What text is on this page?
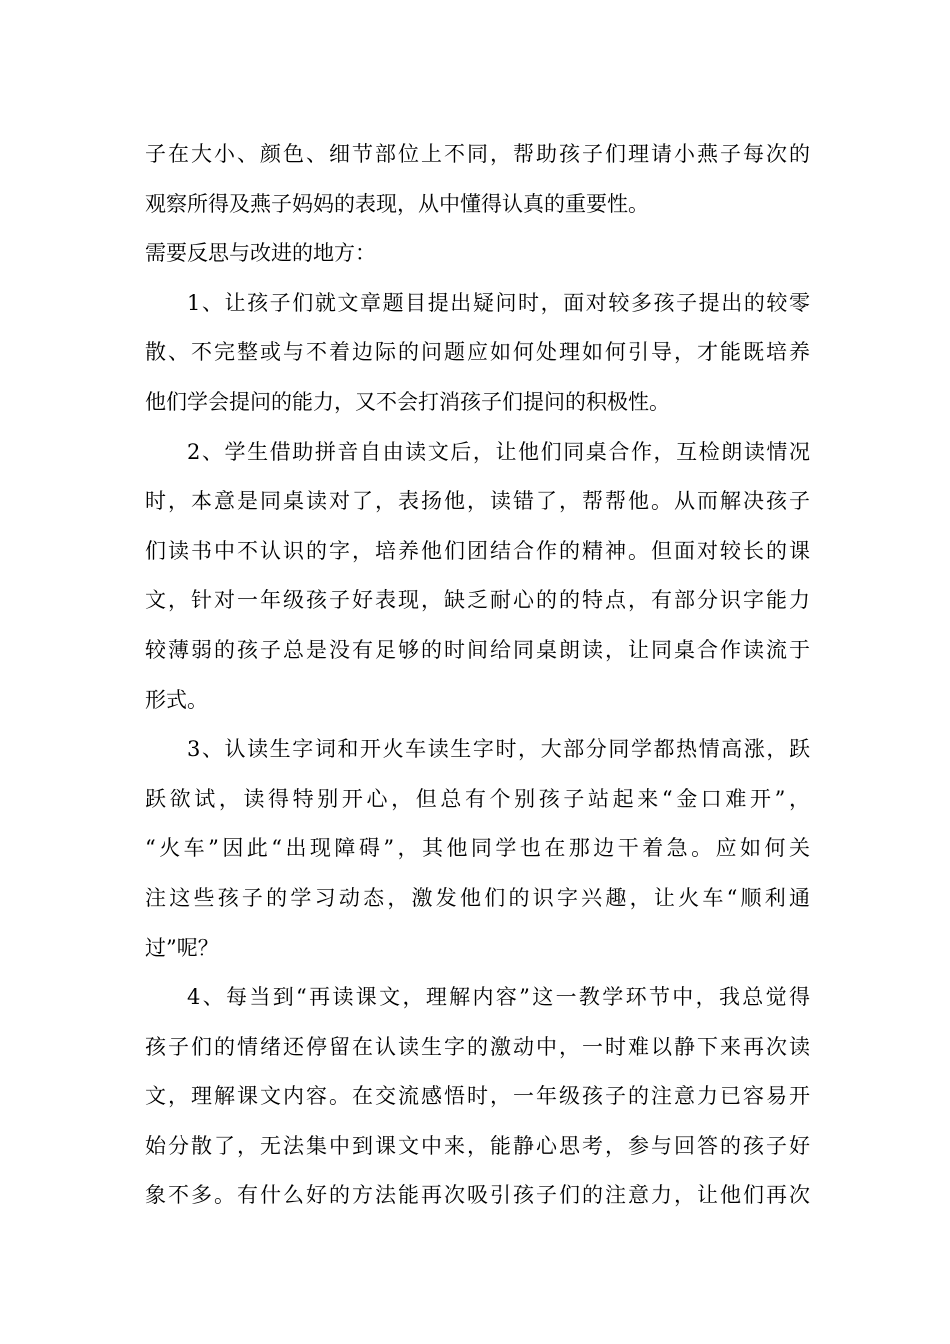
子在大小、颜色、细节部位上不同，帮助孩子们理请小燕子每次的
观察所得及燕子妈妈的表现，从中懂得认真的重要性。
需要反思与改进的地方：
1、让孩子们就文章题目提出疑问时，面对较多孩子提出的较零
散、不完整或与不着边际的问题应如何处理如何引导，才能既培养
他们学会提问的能力，又不会打消孩子们提问的积极性。
2、学生借助拼音自由读文后，让他们同桌合作，互检朗读情况
时，本意是同桌读对了，表扬他，读错了，帮帮他。从而解决孩子
们读书中不认识的字，培养他们团结合作的精神。但面对较长的课
文，针对一年级孩子好表现，缺乏耐心的的特点，有部分识字能力
较薄弱的孩子总是没有足够的时间给同桌朗读，让同桌合作读流于
形式。
3、认读生字词和开火车读生字时，大部分同学都热情高涨，跃
跃欲试，读得特别开心，但总有个别孩子站起来“金口难开”，
“火车”因此“出现障碍”，其他同学也在那边干着急。应如何关
注这些孩子的学习动态，激发他们的识字兴趣，让火车“顺利通
过”呢？
4、每当到“再读课文，理解内容”这一教学环节中，我总觉得
孩子们的情绪还停留在认读生字的激动中，一时难以静下来再次读
文，理解课文内容。在交流感悟时，一年级孩子的注意力已容易开
始分散了，无法集中到课文中来，能静心思考，参与回答的孩子好
象不多。有什么好的方法能再次吸引孩子们的注意力，让他们再次
